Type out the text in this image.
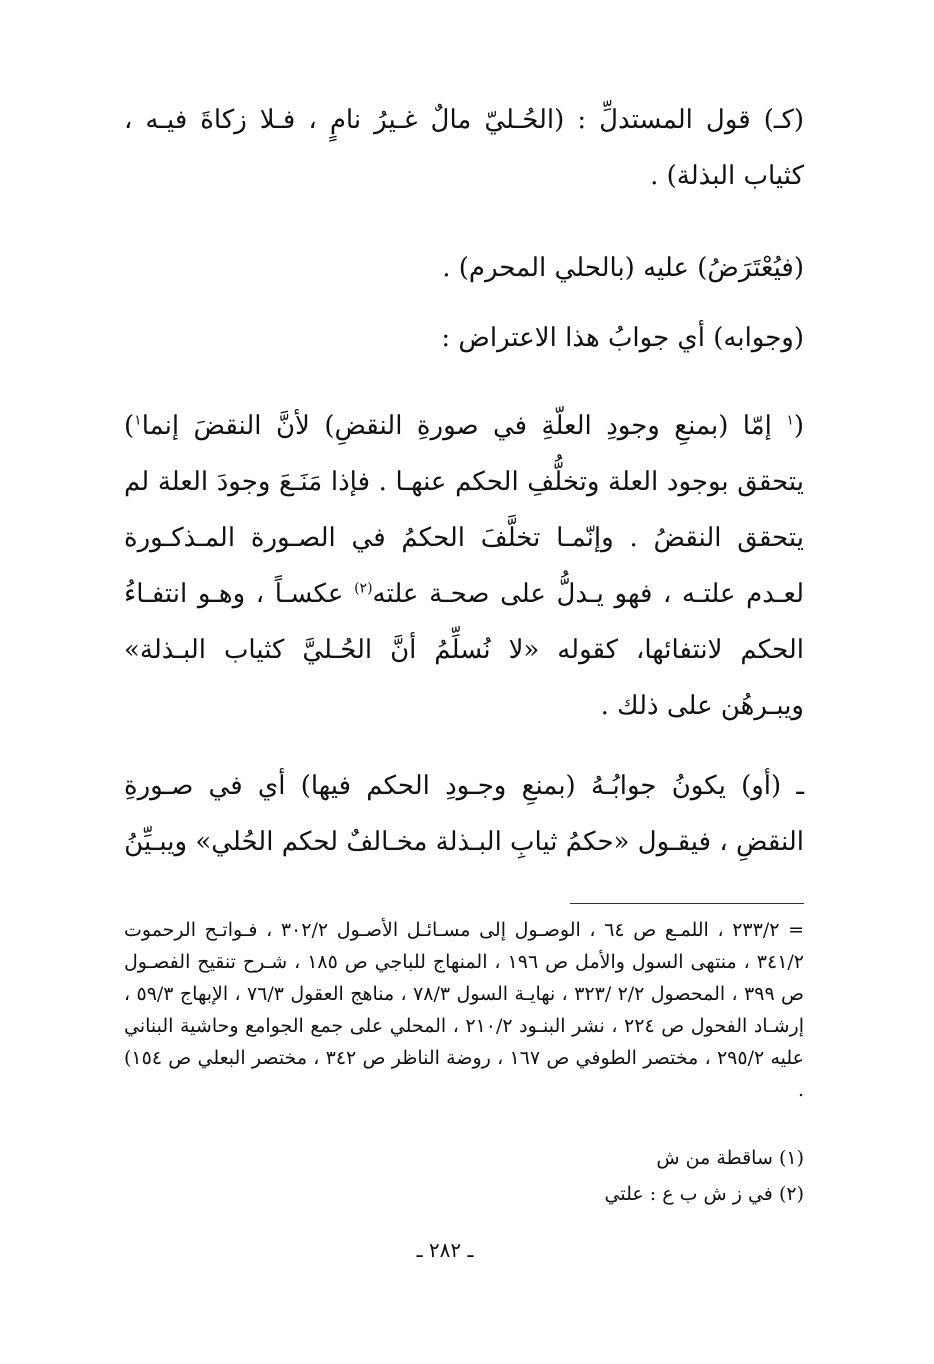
(كـ) قول المستدلِّ : (الحُـليّ مالٌ غـيرُ نامٍ ، فـلا زكاةَ فيـه ، كثياب البذلة) .

(فيُعْتَرَضُ) عليه (بالحلي المحرم) .

(وجوابه) أي جوابُ هذا الاعتراض :

($^١$ إمّا (بمنعِ وجودِ العلّةِ في صورةِ النقضِ) لأنَّ النقضَ إنما$^١$) يتحقق بوجود العلة وتخلُّفِ الحكم عنهـا . فإذا مَنَـعَ وجودَ العلة لم يتحقق النقضُ . وإنّمـا تخلَّفَ الحكمُ في الصـورة المـذكـورة لعـدم علتـه ، فهو يـدلُّ على صحـة علته$^{(٢)}$ عكسـاً ، وهـو انتفـاءُ الحكم لانتفائها، كقوله «لا نُسلِّمُ أنَّ الحُـليَّ كثياب البـذلة» ويبـرهُن على ذلك .

ـ (أو) يكونُ جوابُـهُ (بمنعِ وجـودِ الحكم فيها) أي في صـورةِ النقضِ ، فيقـول «حكمُ ثيابِ البـذلة مخـالفٌ لحكم الحُلي» ويبـيِّنُ

= ٢٣٣/٢ ، اللمـع ص ٦٤ ، الوصـول إلى مسـائـل الأصـول ٣٠٢/٢ ، فـواتـح الرحموت ٣٤١/٢ ، منتهى السول والأمل ص ١٩٦ ، المنهاج للباجي ص ١٨٥ ، شـرح تنقيح الفصـول ص ٣٩٩ ، المحصول ٢/٢ /٣٢٣ ، نهايـة السول ٧٨/٣ ، مناهج العقول ٧٦/٣ ، الإبهاج ٥٩/٣ ، إرشـاد الفحول ص ٢٢٤ ، نشر البنـود ٢١٠/٢ ، المحلي على جمع الجوامع وحاشية البناني عليه ٢٩٥/٢ ، مختصر الطوفي ص ١٦٧ ، روضة الناظر ص ٣٤٢ ، مختصر البعلي ص ١٥٤) .

(١) ساقطة من ش

(٢) في ز ش ب ع : علتي

ـ ٢٨٢ ـ
